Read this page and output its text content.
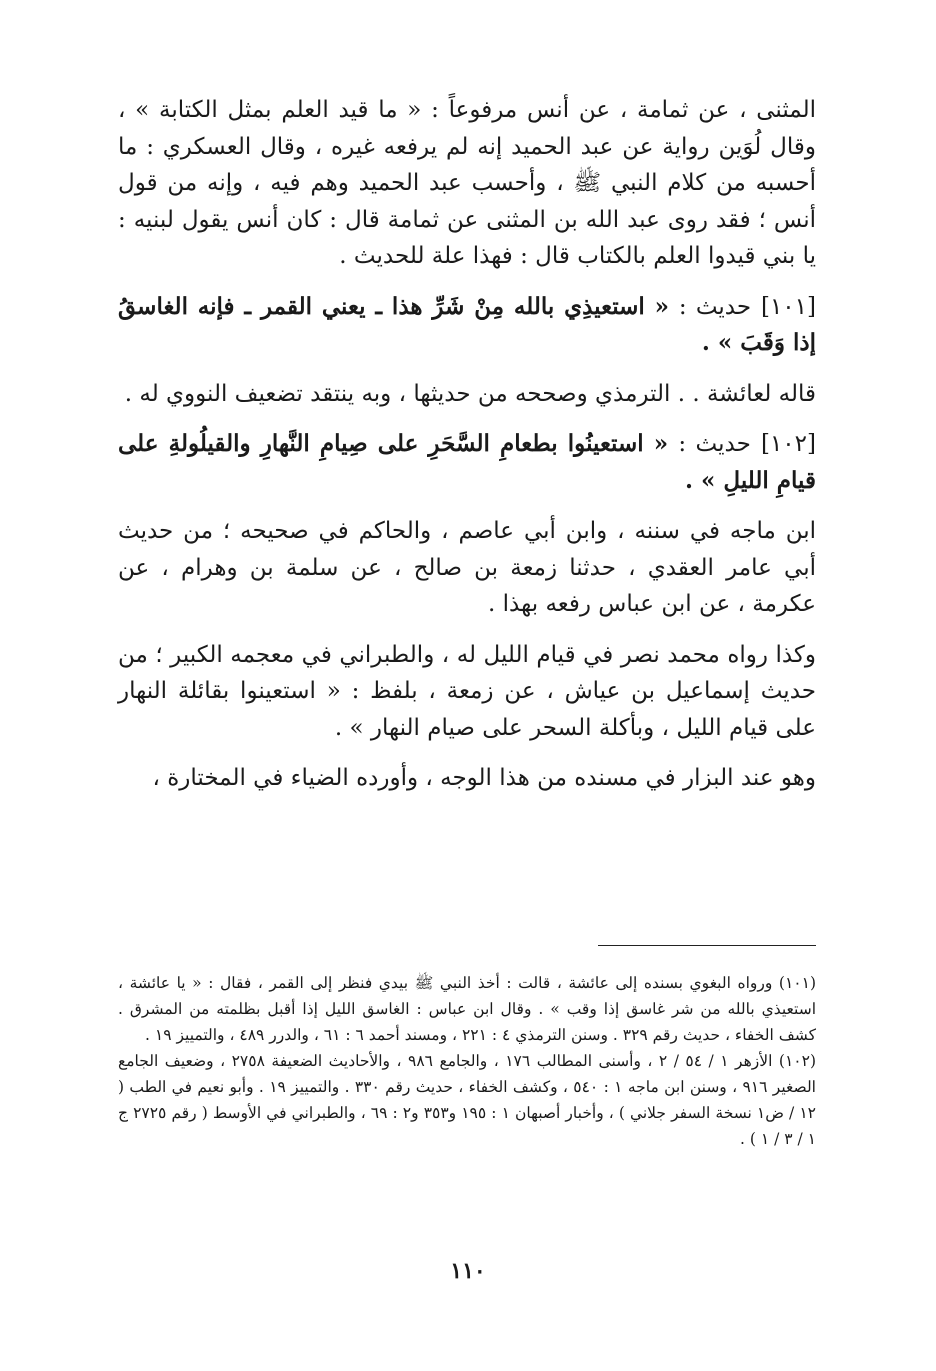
المثنى ، عن ثمامة ، عن أنس مرفوعاً : « ما قيد العلم بمثل الكتابة » ، وقال لُوَين رواية عن عبد الحميد إنه لم يرفعه غيره ، وقال العسكري : ما أحسبه من كلام النبي ﷺ ، وأحسب عبد الحميد وهم فيه ، وإنه من قول أنس ؛ فقد روى عبد الله بن المثنى عن ثمامة قال : كان أنس يقول لبنيه : يا بني قيدوا العلم بالكتاب قال : فهذا علة للحديث .

[١٠١] حديث : « استعيذِي بالله مِنْ شَرِّ هذا ـ يعني القمر ـ فإنه الغاسقُ إذا وَقَبَ » .

قاله لعائشة . . الترمذي وصححه من حديثها ، وبه ينتقد تضعيف النووي له .

[١٠٢] حديث : « استعينُوا بطعامِ السَّحَرِ على صِيامِ النَّهارِ والقيلُولةِ على قيامِ الليلِ » .

ابن ماجه في سننه ، وابن أبي عاصم ، والحاكم في صحيحه ؛ من حديث أبي عامر العقدي ، حدثنا زمعة بن صالح ، عن سلمة بن وهرام ، عن عكرمة ، عن ابن عباس رفعه بهذا .

وكذا رواه محمد نصر في قيام الليل له ، والطبراني في معجمه الكبير ؛ من حديث إسماعيل بن عياش ، عن زمعة ، بلفظ : « استعينوا بقائلة النهار على قيام الليل ، وبأكلة السحر على صيام النهار » .

وهو عند البزار في مسنده من هذا الوجه ، وأورده الضياء في المختارة ،

(١٠١) ورواه البغوي بسنده إلى عائشة ، قالت : أخذ النبي ﷺ بيدي فنظر إلى القمر ، فقال : « يا عائشة ، استعيذي بالله من شر غاسق إذا وقب » . وقال ابن عباس : الغاسق الليل إذا أقبل بظلمته من المشرق . كشف الخفاء ، حديث رقم ٣٢٩ . وسنن الترمذي ٤ : ٢٢١ ، ومسند أحمد ٦ : ٦١ ، والدرر ٤٨٩ ، والتمييز ١٩ .

(١٠٢) الأزهر ١ / ٥٤ / ٢ ، وأسنى المطالب ١٧٦ ، والجامع ٩٨٦ ، والأحاديث الضعيفة ٢٧٥٨ ، وضعيف الجامع الصغير ٩١٦ ، وسنن ابن ماجه ١ : ٥٤٠ ، وكشف الخفاء ، حديث رقم ٣٣٠ . والتمييز ١٩ . وأبو نعيم في الطب ( ١٢ / ض١ نسخة السفر جلاني ) ، وأخبار أصبهان ١ : ١٩٥ و٣٥٣ و٢ : ٦٩ ، والطبراني في الأوسط ( رقم ٢٧٢٥ ج ١ / ٣ / ١ ) .

١١٠
